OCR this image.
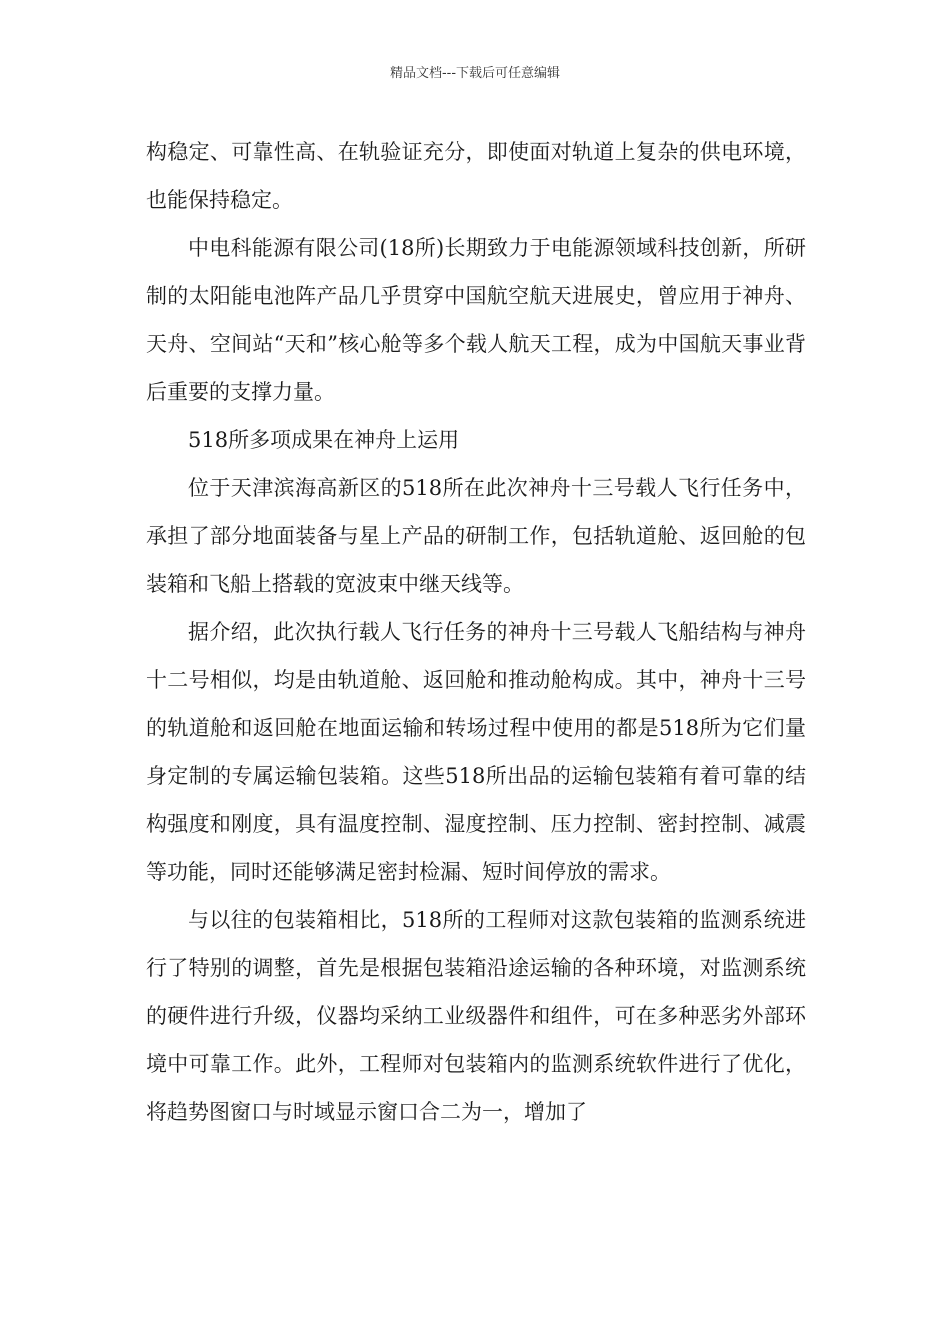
精品文档---下载后可任意编辑

构稳定、可靠性高、在轨验证充分，即使面对轨道上复杂的供电环境，也能保持稳定。

中电科能源有限公司(18所)长期致力于电能源领域科技创新，所研制的太阳能电池阵产品几乎贯穿中国航空航天进展史，曾应用于神舟、天舟、空间站“天和”核心舱等多个载人航天工程，成为中国航天事业背后重要的支撑力量。

518所多项成果在神舟上运用

位于天津滨海高新区的518所在此次神舟十三号载人飞行任务中，承担了部分地面装备与星上产品的研制工作，包括轨道舱、返回舱的包装箱和飞船上搭载的宽波束中继天线等。

据介绍，此次执行载人飞行任务的神舟十三号载人飞船结构与神舟十二号相似，均是由轨道舱、返回舱和推动舱构成。其中，神舟十三号的轨道舱和返回舱在地面运输和转场过程中使用的都是518所为它们量身定制的专属运输包装箱。这些518所出品的运输包装箱有着可靠的结构强度和刚度，具有温度控制、湿度控制、压力控制、密封控制、减震等功能，同时还能够满足密封检漏、短时间停放的需求。

与以往的包装箱相比，518所的工程师对这款包装箱的监测系统进行了特别的调整，首先是根据包装箱沿途运输的各种环境，对监测系统的硬件进行升级，仪器均采纳工业级器件和组件，可在多种恶劣外部环境中可靠工作。此外，工程师对包装箱内的监测系统软件进行了优化，将趋势图窗口与时域显示窗口合二为一，增加了
